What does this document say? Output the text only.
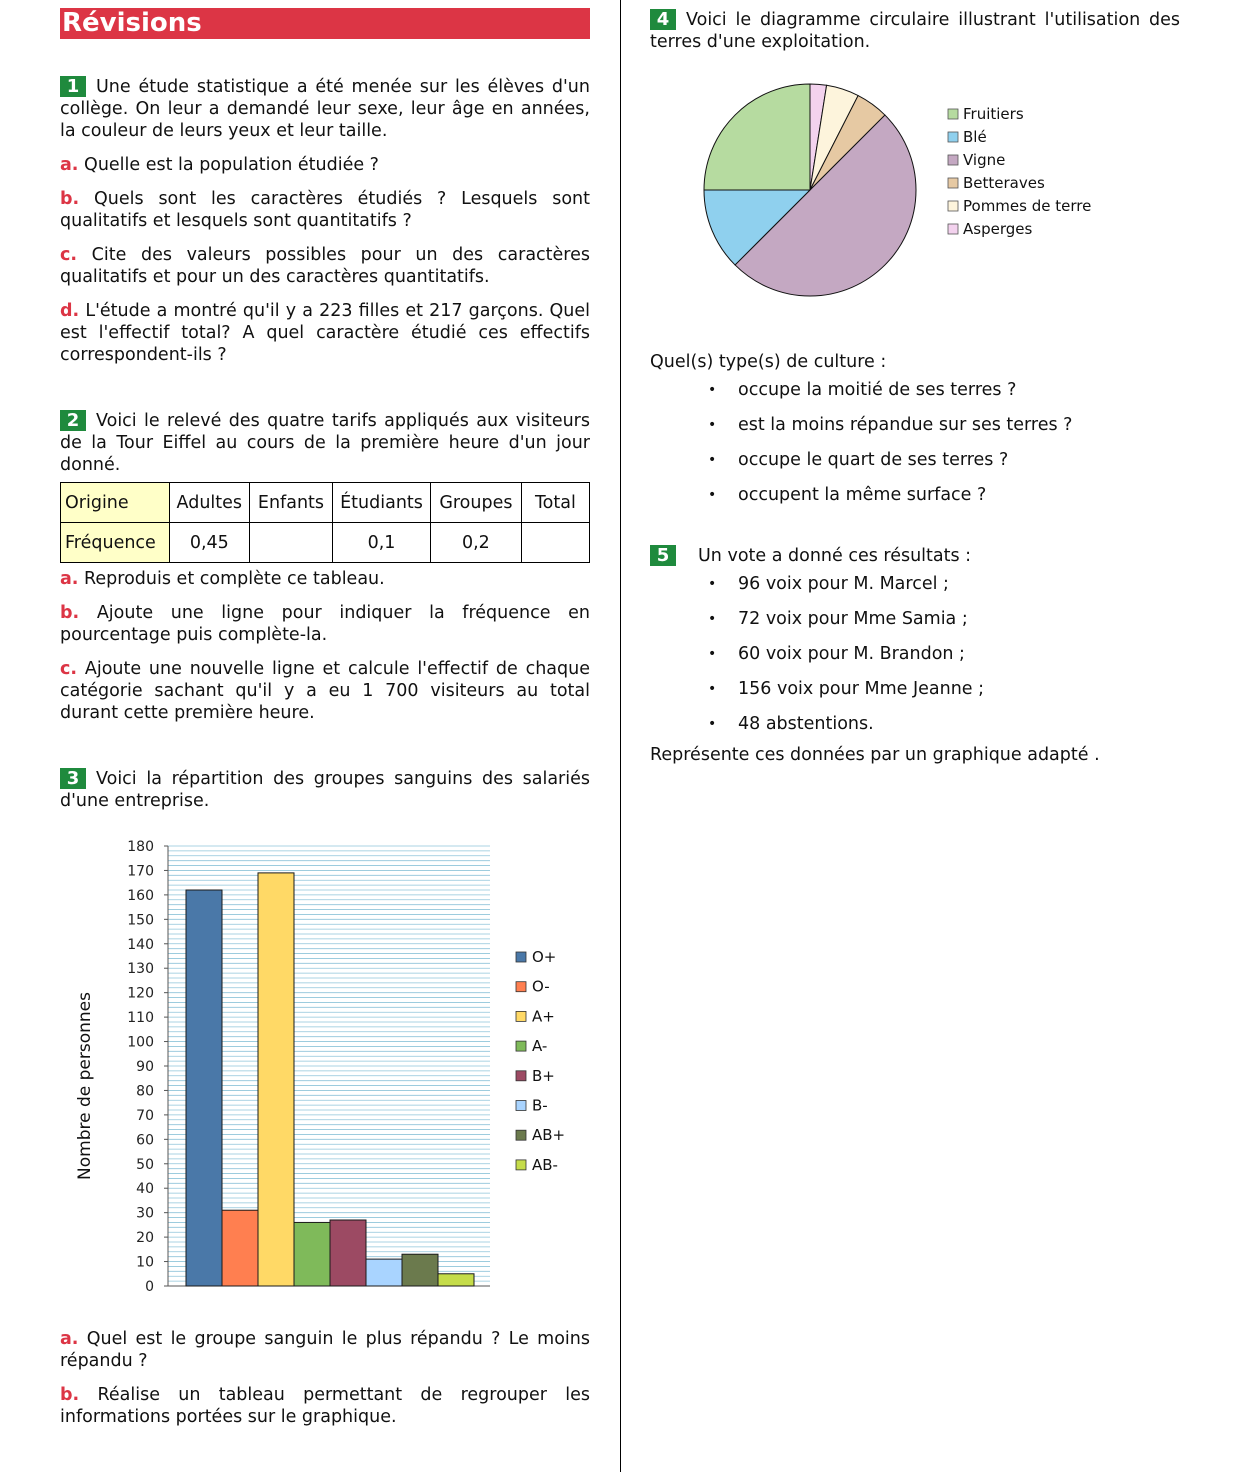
Révisions

1 Une étude statistique a été menée sur les élèves d'un collège. On leur a demandé leur sexe, leur âge en années, la couleur de leurs yeux et leur taille.

a. Quelle est la population étudiée ?

b. Quels sont les caractères étudiés ? Lesquels sont qualitatifs et lesquels sont quantitatifs ?

c. Cite des valeurs possibles pour un des caractères qualitatifs et pour un des caractères quantitatifs.

d. L'étude a montré qu'il y a 223 filles et 217 garçons. Quel est l'effectif total? A quel caractère étudié ces effectifs correspondent-ils ?

2 Voici le relevé des quatre tarifs appliqués aux visiteurs de la Tour Eiffel au cours de la première heure d'un jour donné.

Origine	Adultes	Enfants	Étudiants	Groupes	Total
Fréquence	0,45		0,1	0,2	

a. Reproduis et complète ce tableau.

b. Ajoute une ligne pour indiquer la fréquence en pourcentage puis complète-la.

c. Ajoute une nouvelle ligne et calcule l'effectif de chaque catégorie sachant qu'il y a eu 1 700 visiteurs au total durant cette première heure.

3 Voici la répartition des groupes sanguins des salariés d'une entreprise.

0
10
20
30
40
50
60
70
80
90
100
110
120
130
140
150
160
170
180
Nombre de personnes
O+
O-
A+
A-
B+
B-
AB+
AB-

a. Quel est le groupe sanguin le plus répandu ? Le moins répandu ?

b. Réalise un tableau permettant de regrouper les informations portées sur le graphique.

4 Voici le diagramme circulaire illustrant l'utilisation des terres d'une exploitation.

Fruitiers
Blé
Vigne
Betteraves
Pommes de terre
Asperges

Quel(s) type(s) de culture :

• occupe la moitié de ses terres ?
• est la moins répandue sur ses terres ?
• occupe le quart de ses terres ?
• occupent la même surface ?

5 Un vote a donné ces résultats :

• 96 voix pour M. Marcel ;
• 72 voix pour Mme Samia ;
• 60 voix pour M. Brandon ;
• 156 voix pour Mme Jeanne ;
• 48 abstentions.

Représente ces données par un graphique adapté .
